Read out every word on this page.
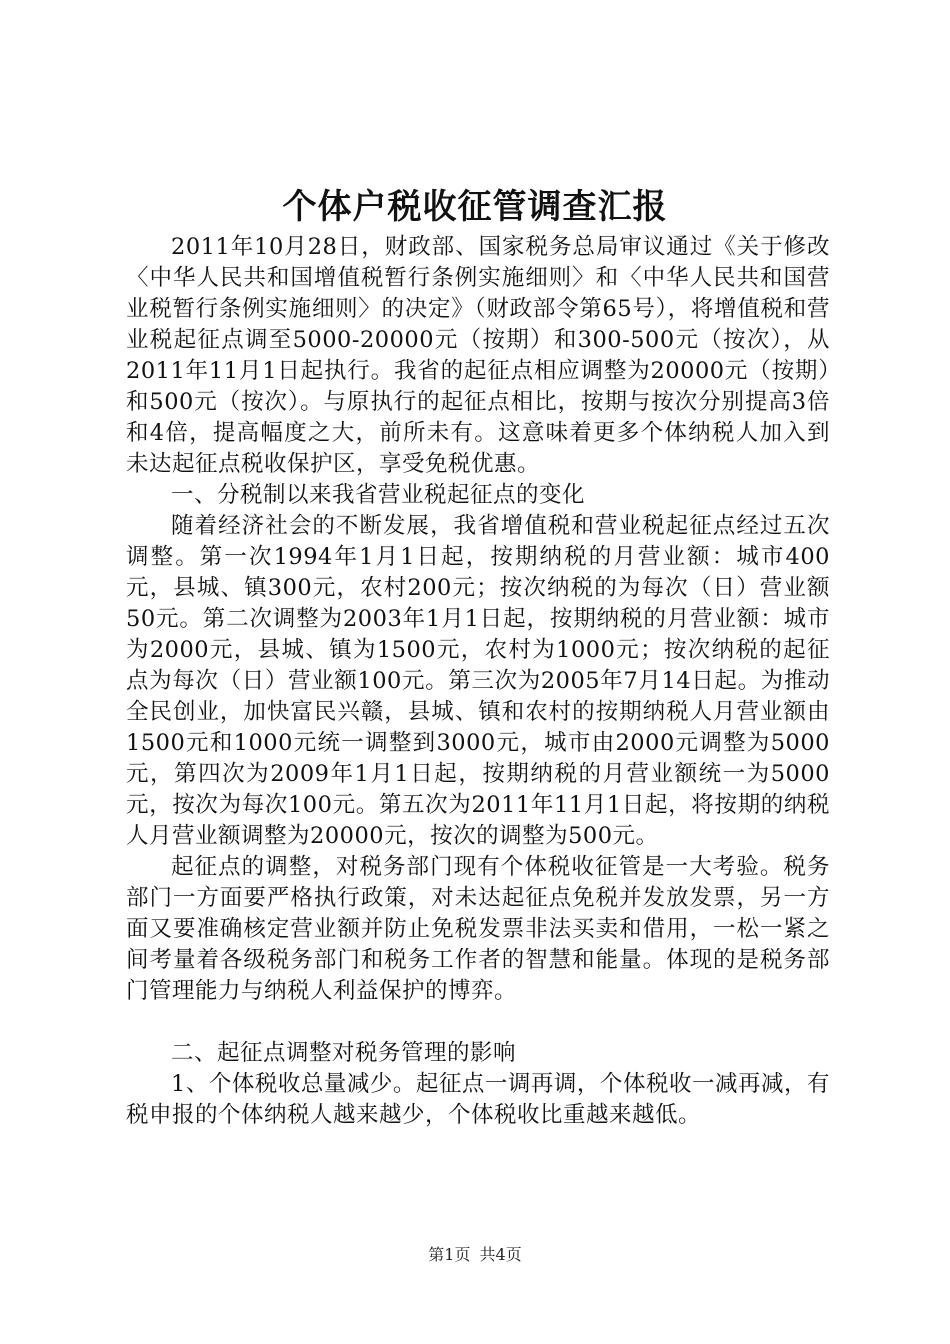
个体户税收征管调查汇报

2011年10月28日，财政部、国家税务总局审议通过《关于修改〈中华人民共和国增值税暂行条例实施细则〉和〈中华人民共和国营业税暂行条例实施细则〉的决定》（财政部令第65号），将增值税和营业税起征点调至5000-20000元（按期）和300-500元（按次），从2011年11月1日起执行。我省的起征点相应调整为20000元（按期）和500元（按次）。与原执行的起征点相比，按期与按次分别提高3倍和4倍，提高幅度之大，前所未有。这意味着更多个体纳税人加入到未达起征点税收保护区，享受免税优惠。

一、分税制以来我省营业税起征点的变化

随着经济社会的不断发展，我省增值税和营业税起征点经过五次调整。第一次1994年1月1日起，按期纳税的月营业额：城市400元，县城、镇300元，农村200元；按次纳税的为每次（日）营业额50元。第二次调整为2003年1月1日起，按期纳税的月营业额：城市为2000元，县城、镇为1500元，农村为1000元；按次纳税的起征点为每次（日）营业额100元。第三次为2005年7月14日起。为推动全民创业，加快富民兴赣，县城、镇和农村的按期纳税人月营业额由1500元和1000元统一调整到3000元，城市由2000元调整为5000元，第四次为2009年1月1日起，按期纳税的月营业额统一为5000元，按次为每次100元。第五次为2011年11月1日起，将按期的纳税人月营业额调整为20000元，按次的调整为500元。

起征点的调整，对税务部门现有个体税收征管是一大考验。税务部门一方面要严格执行政策，对未达起征点免税并发放发票，另一方面又要准确核定营业额并防止免税发票非法买卖和借用，一松一紧之间考量着各级税务部门和税务工作者的智慧和能量。体现的是税务部门管理能力与纳税人利益保护的博弈。

二、起征点调整对税务管理的影响

1、个体税收总量减少。起征点一调再调，个体税收一减再减，有税申报的个体纳税人越来越少，个体税收比重越来越低。

第1页 共4页
